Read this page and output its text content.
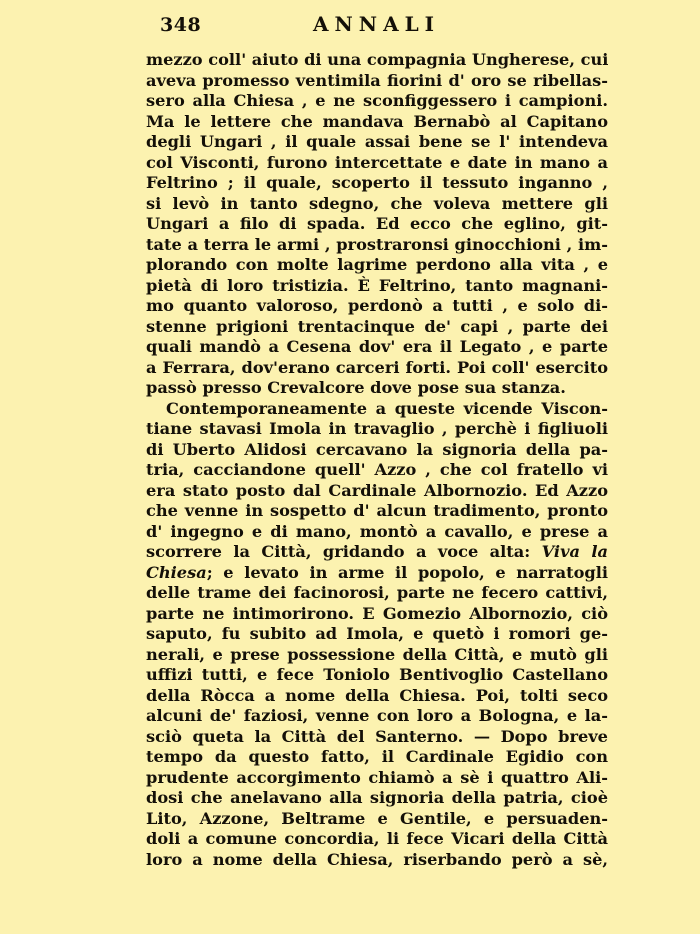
348	ANNALI
mezzo coll' aiuto di una compagnia Ungherese, cui
aveva promesso ventimila fiorini d' oro se ribellas-
sero alla Chiesa , e ne sconfiggessero i campioni.
Ma le lettere che mandava Bernabò al Capitano
degli Ungari , il quale assai bene se l' intendeva
col Visconti, furono intercettate e date in mano a
Feltrino ; il quale, scoperto il tessuto inganno ,
si levò in tanto sdegno, che voleva mettere gli
Ungari a filo di spada. Ed ecco che eglino, git-
tate a terra le armi , prostraronsi ginocchioni , im-
plorando con molte lagrime perdono alla vita , e
pietà di loro tristizia. È Feltrino, tanto magnani-
mo quanto valoroso, perdonò a tutti , e solo di-
stenne prigioni trentacinque de' capi , parte dei
quali mandò a Cesena dov' era il Legato , e parte
a Ferrara, dov'erano carceri forti. Poi coll' esercito
passò presso Crevalcore dove pose sua stanza.
Contemporaneamente a queste vicende Viscon-
tiane stavasi Imola in travaglio , perchè i figliuoli
di Uberto Alidosi cercavano la signoria della pa-
tria, cacciandone quell' Azzo , che col fratello vi
era stato posto dal Cardinale Albornozio. Ed Azzo
che venne in sospetto d' alcun tradimento, pronto
d' ingegno e di mano, montò a cavallo, e prese a
scorrere la Città, gridando a voce alta: Viva la
Chiesa; e levato in arme il popolo, e narratogli
delle trame dei facinorosi, parte ne fecero cattivi,
parte ne intimorirono. E Gomezio Albornozio, ciò
saputo, fu subito ad Imola, e quetò i romori ge-
nerali, e prese possessione della Città, e mutò gli
uffizi tutti, e fece Toniolo Bentivoglio Castellano
della Ròcca a nome della Chiesa. Poi, tolti seco
alcuni de' faziosi, venne con loro a Bologna, e la-
sciò queta la Città del Santerno. — Dopo breve
tempo da questo fatto, il Cardinale Egidio con
prudente accorgimento chiamò a sè i quattro Ali-
dosi che anelavano alla signoria della patria, cioè
Lito, Azzone, Beltrame e Gentile, e persuaden-
doli a comune concordia, li fece Vicari della Città
loro a nome della Chiesa, riserbando però a sè,
